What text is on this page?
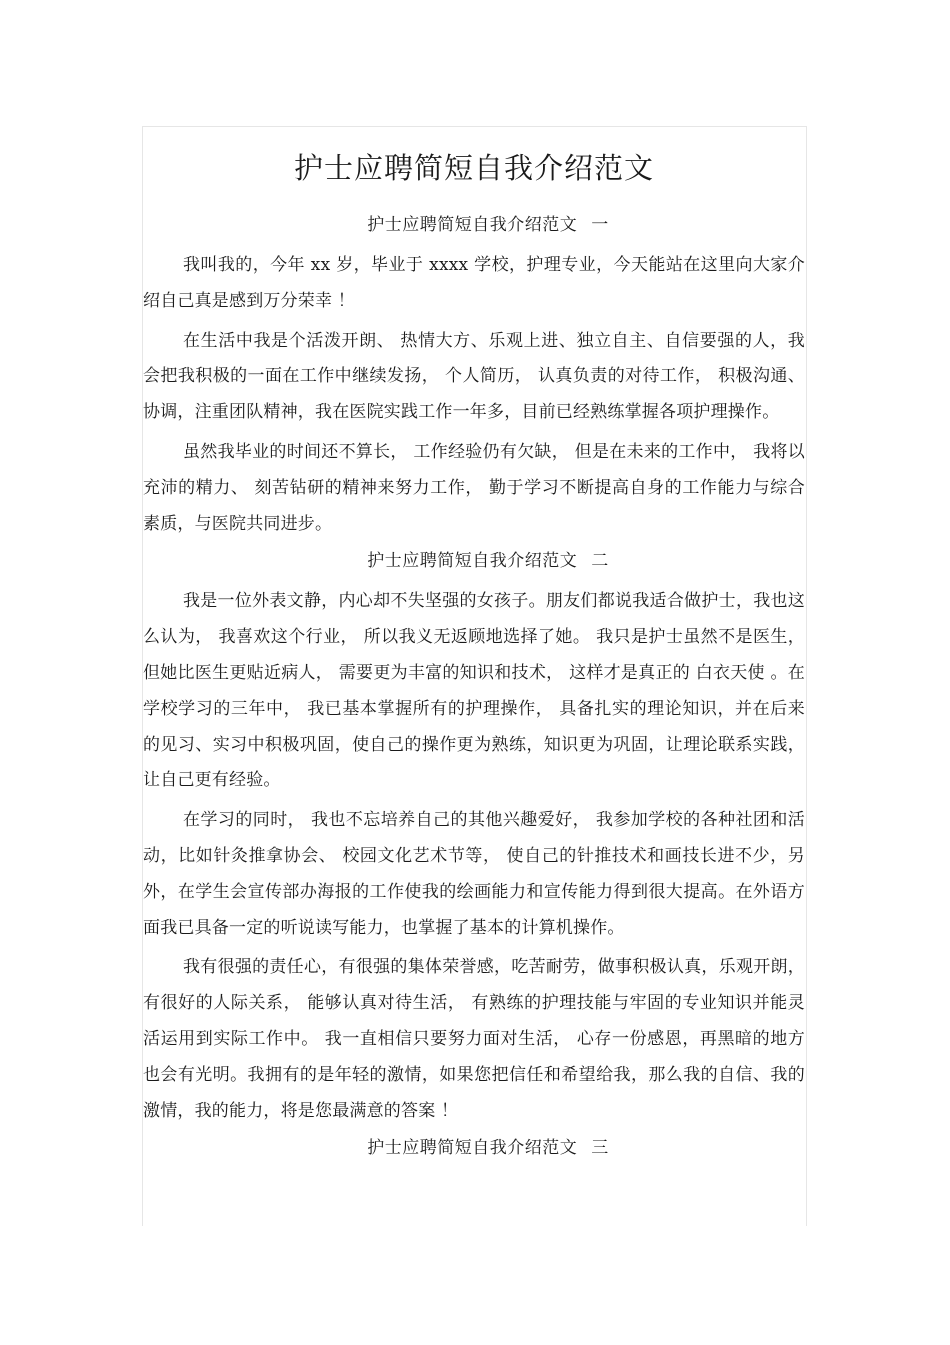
护士应聘简短自我介绍范文
护士应聘简短自我介绍范文 一

我叫我的，今年 xx 岁，毕业于 xxxx 学校，护理专业，今天能站在这里向大家介绍自己真是感到万分荣幸 ！

在生活中我是个活泼开朗、 热情大方、乐观上进、独立自主、自信要强的人，我会把我积极的一面在工作中继续发扬， 个人简历， 认真负责的对待工作， 积极沟通、协调，注重团队精神，我在医院实践工作一年多，目前已经熟练掌握各项护理操作。

虽然我毕业的时间还不算长， 工作经验仍有欠缺， 但是在未来的工作中， 我将以充沛的精力、 刻苦钻研的精神来努力工作， 勤于学习不断提高自身的工作能力与综合素质，与医院共同进步。

护士应聘简短自我介绍范文 二

我是一位外表文静，内心却不失坚强的女孩子。朋友们都说我适合做护士，我也这么认为， 我喜欢这个行业， 所以我义无返顾地选择了她。 我只是护士虽然不是医生， 但她比医生更贴近病人， 需要更为丰富的知识和技术， 这样才是真正的 白衣天使 。在学校学习的三年中， 我已基本掌握所有的护理操作， 具备扎实的理论知识，并在后来的见习、实习中积极巩固，使自己的操作更为熟练，知识更为巩固，让理论联系实践，让自己更有经验。

在学习的同时， 我也不忘培养自己的其他兴趣爱好， 我参加学校的各种社团和活动，比如针灸推拿协会、 校园文化艺术节等， 使自己的针推技术和画技长进不少，另外，在学生会宣传部办海报的工作使我的绘画能力和宣传能力得到很大提高。在外语方面我已具备一定的听说读写能力，也掌握了基本的计算机操作。

我有很强的责任心，有很强的集体荣誉感，吃苦耐劳，做事积极认真，乐观开朗，有很好的人际关系， 能够认真对待生活， 有熟练的护理技能与牢固的专业知识并能灵活运用到实际工作中。 我一直相信只要努力面对生活， 心存一份感恩，再黑暗的地方也会有光明。我拥有的是年轻的激情，如果您把信任和希望给我，那么我的自信、我的激情，我的能力，将是您最满意的答案 ！

护士应聘简短自我介绍范文 三
